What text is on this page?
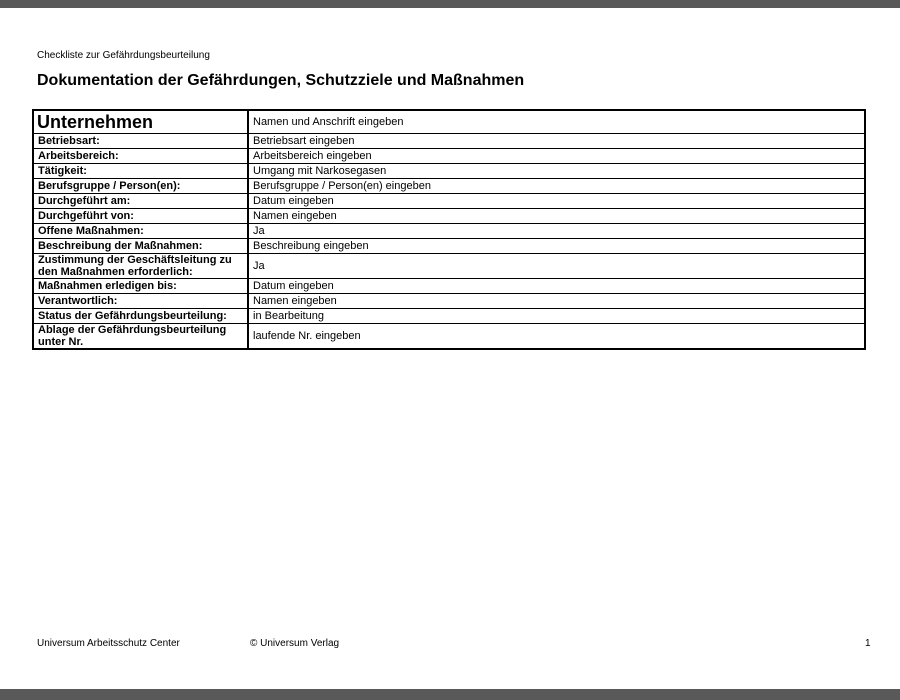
Checkliste zur Gefährdungsbeurteilung
Dokumentation der Gefährdungen, Schutzziele und Maßnahmen
Unternehmen	Namen und Anschrift eingeben
Betriebsart:	Betriebsart eingeben
Arbeitsbereich:	Arbeitsbereich eingeben
Tätigkeit:	Umgang mit Narkosegasen
Berufsgruppe / Person(en):	Berufsgruppe / Person(en) eingeben
Durchgeführt am:	Datum eingeben
Durchgeführt von:	Namen eingeben
Offene Maßnahmen:	Ja
Beschreibung der Maßnahmen:	Beschreibung eingeben
Zustimmung der Geschäftsleitung zu den Maßnahmen erforderlich:	Ja
Maßnahmen erledigen bis:	Datum eingeben
Verantwortlich:	Namen eingeben
Status der Gefährdungsbeurteilung:	in Bearbeitung
Ablage der Gefährdungsbeurteilung unter Nr.	laufende Nr. eingeben
Universum Arbeitsschutz Center	© Universum Verlag	1
